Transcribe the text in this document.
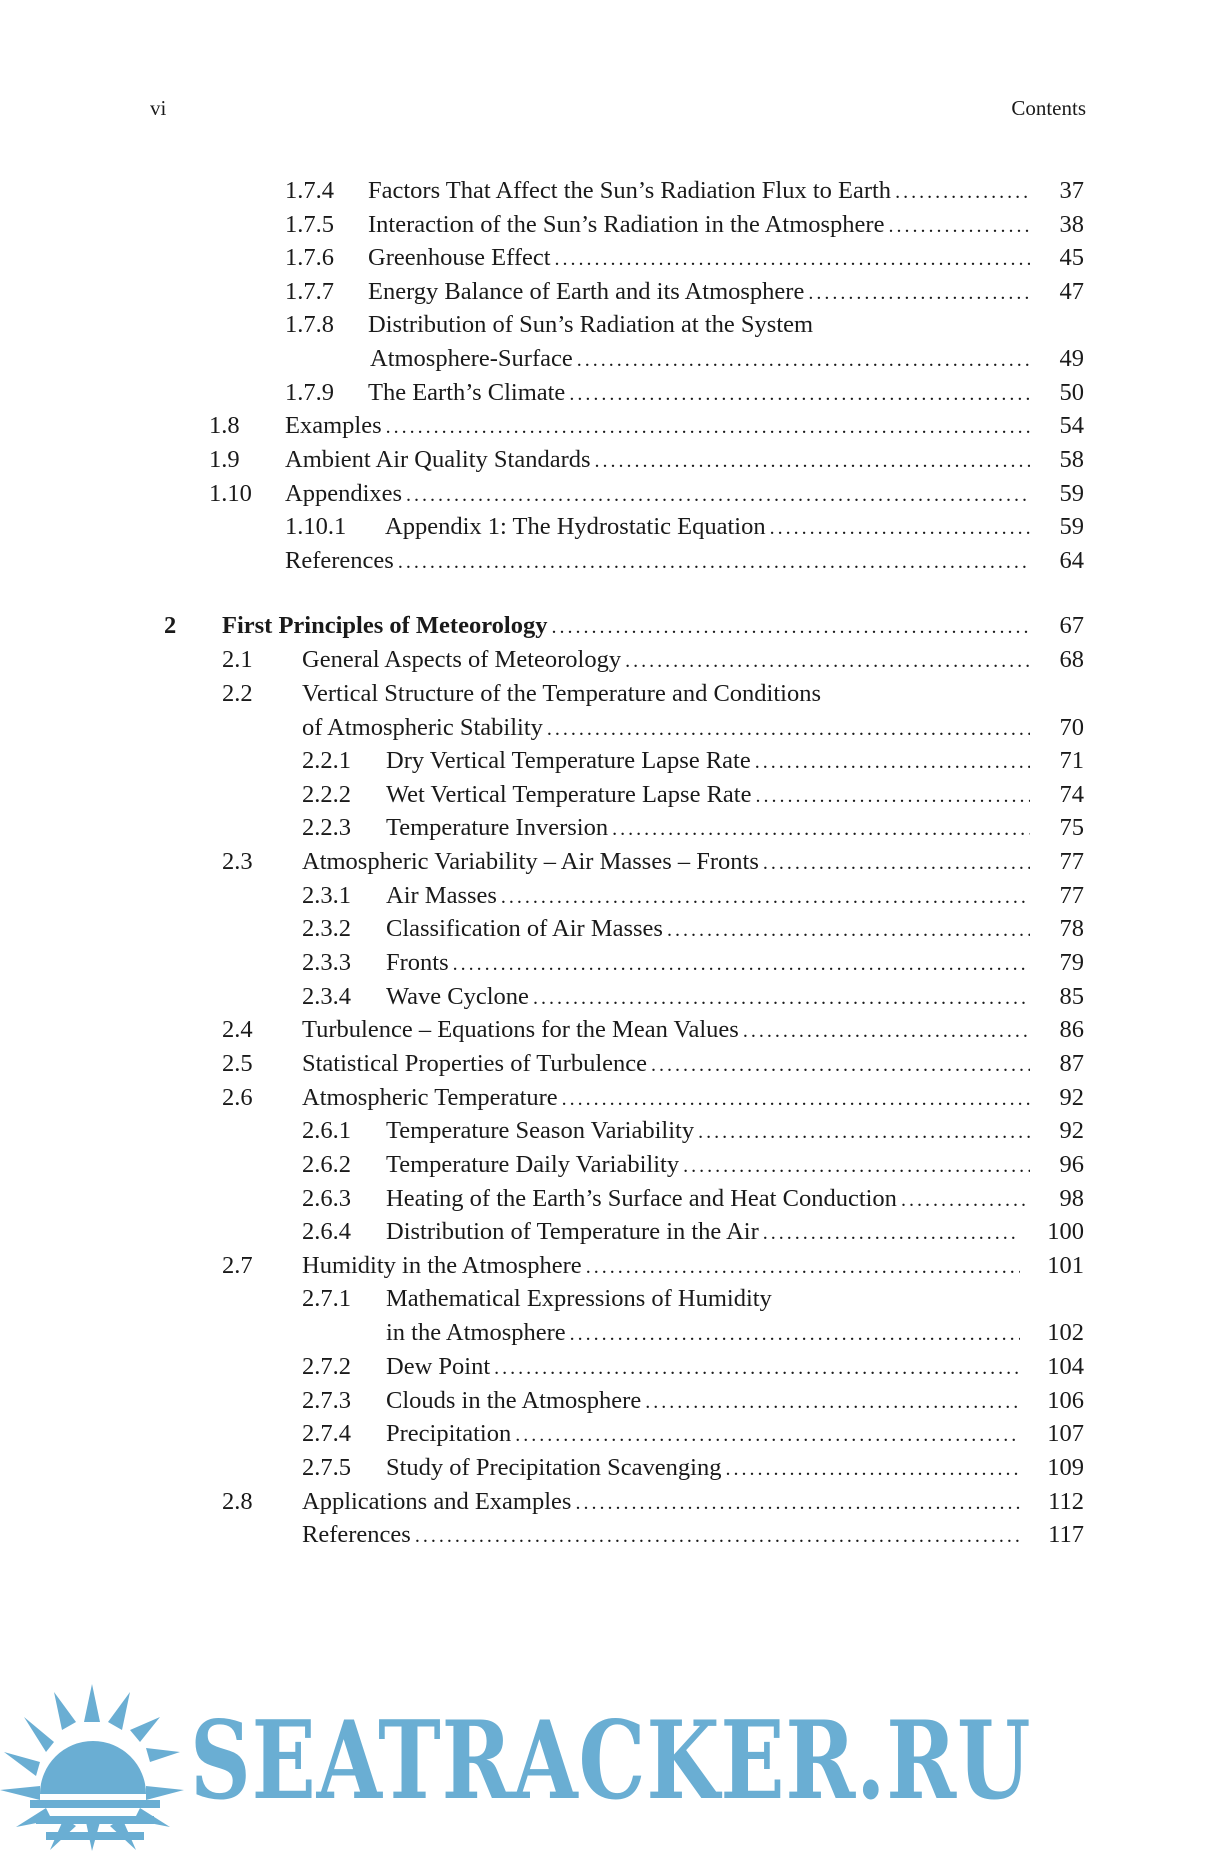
vi	Contents
1.7.4 Factors That Affect the Sun’s Radiation Flux to Earth .....	37
1.7.5 Interaction of the Sun’s Radiation in the Atmosphere .....	38
1.7.6 Greenhouse Effect .....	45
1.7.7 Energy Balance of Earth and its Atmosphere .....	47
1.7.8 Distribution of Sun’s Radiation at the System
Atmosphere-Surface .....	49
1.7.9 The Earth’s Climate .....	50
1.8 Examples .....	54
1.9 Ambient Air Quality Standards .....	58
1.10 Appendixes .....	59
1.10.1 Appendix 1: The Hydrostatic Equation .....	59
References .....	64
2 First Principles of Meteorology .....	67
2.1 General Aspects of Meteorology .....	68
2.2 Vertical Structure of the Temperature and Conditions
of Atmospheric Stability .....	70
2.2.1 Dry Vertical Temperature Lapse Rate .....	71
2.2.2 Wet Vertical Temperature Lapse Rate .....	74
2.2.3 Temperature Inversion .....	75
2.3 Atmospheric Variability – Air Masses – Fronts .....	77
2.3.1 Air Masses .....	77
2.3.2 Classification of Air Masses .....	78
2.3.3 Fronts .....	79
2.3.4 Wave Cyclone .....	85
2.4 Turbulence – Equations for the Mean Values .....	86
2.5 Statistical Properties of Turbulence .....	87
2.6 Atmospheric Temperature .....	92
2.6.1 Temperature Season Variability .....	92
2.6.2 Temperature Daily Variability .....	96
2.6.3 Heating of the Earth’s Surface and Heat Conduction .....	98
2.6.4 Distribution of Temperature in the Air .....	100
2.7 Humidity in the Atmosphere .....	101
2.7.1 Mathematical Expressions of Humidity
in the Atmosphere .....	102
2.7.2 Dew Point .....	104
2.7.3 Clouds in the Atmosphere .....	106
2.7.4 Precipitation .....	107
2.7.5 Study of Precipitation Scavenging .....	109
2.8 Applications and Examples .....	112
References .....	117
SEATRACKER.RU
